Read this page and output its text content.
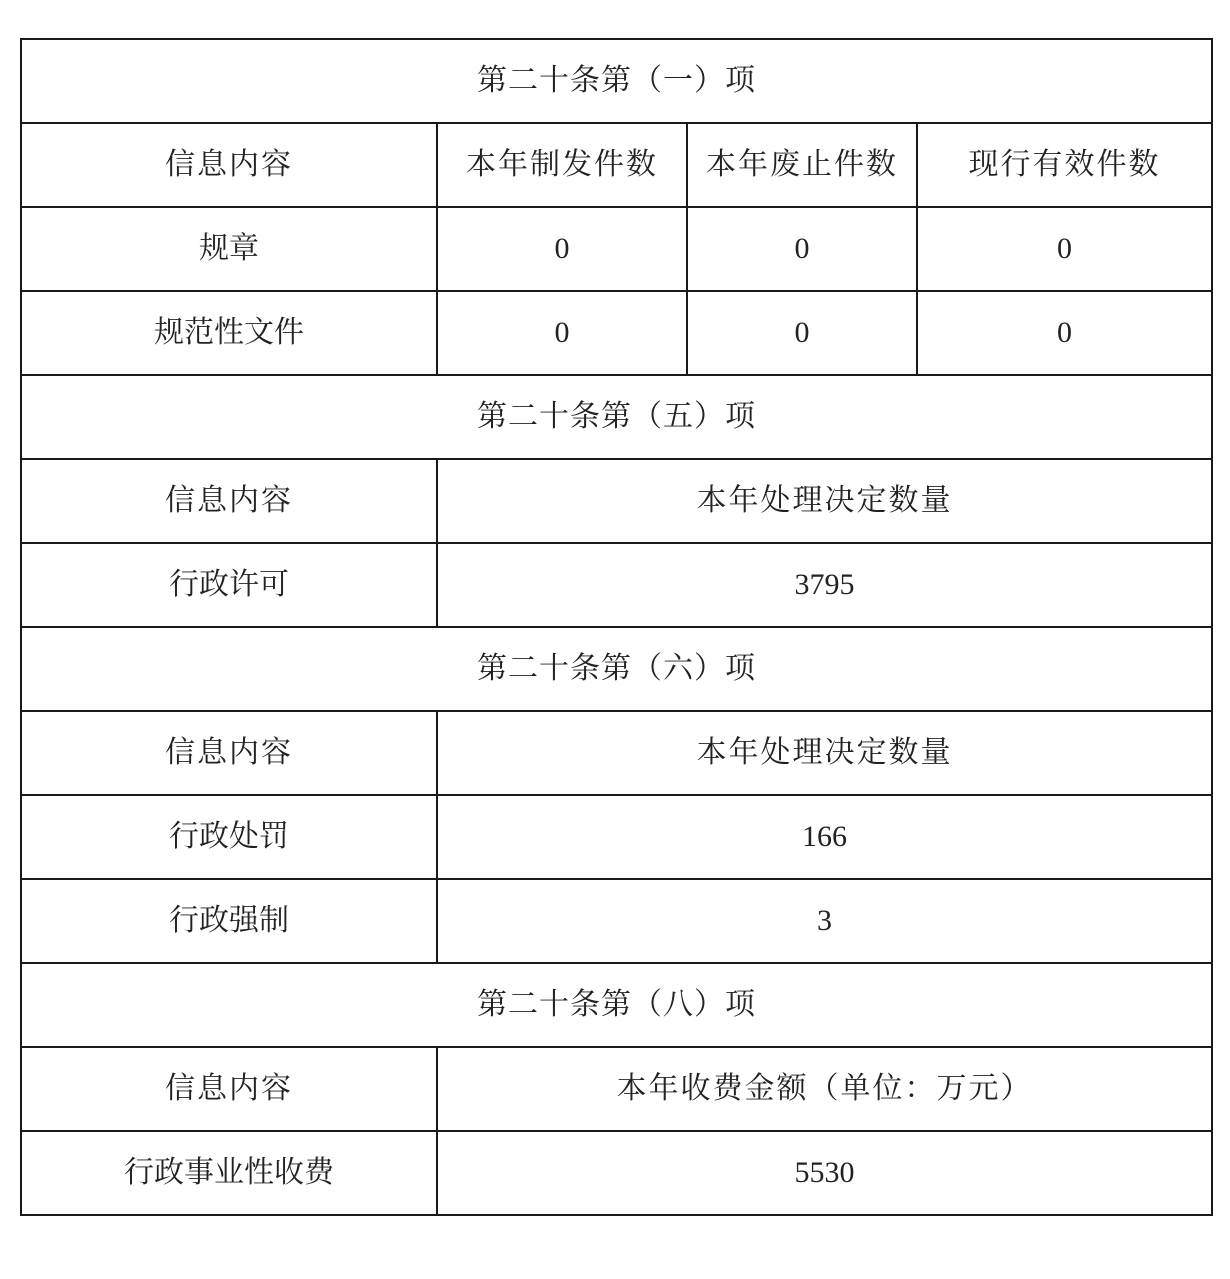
第二十条第（一）项			
信息内容	本年制发件数	本年废止件数	现行有效件数
规章	0	0	0
规范性文件	0	0	0
第二十条第（五）项			
信息内容	本年处理决定数量		
行政许可	3795		
第二十条第（六）项			
信息内容	本年处理决定数量		
行政处罚	166		
行政强制	3		
第二十条第（八）项			
信息内容	本年收费金额（单位：万元）		
行政事业性收费	5530		
